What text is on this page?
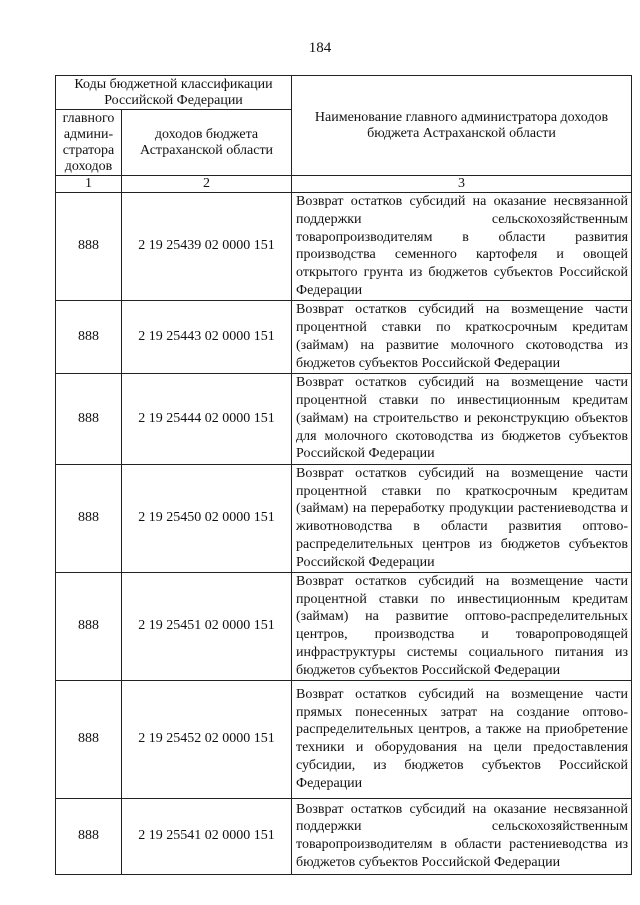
184
Коды бюджетной классификации Российской Федерации		Наименование главного администратора доходов бюджета Астраханской области
главного админи-стратора доходов	доходов бюджета Астраханской области	
1	2	3
888	2 19 25439 02 0000 151	Возврат остатков субсидий на оказание несвязанной поддержки сельскохозяйственным товаропроизводителям в области развития производства семенного картофеля и овощей открытого грунта из бюджетов субъектов Российской Федерации
888	2 19 25443 02 0000 151	Возврат остатков субсидий на возмещение части процентной ставки по краткосрочным кредитам (займам) на развитие молочного скотоводства из бюджетов субъектов Российской Федерации
888	2 19 25444 02 0000 151	Возврат остатков субсидий на возмещение части процентной ставки по инвестиционным кредитам (займам) на строительство и реконструкцию объектов для молочного скотоводства из бюджетов субъектов Российской Федерации
888	2 19 25450 02 0000 151	Возврат остатков субсидий на возмещение части процентной ставки по краткосрочным кредитам (займам) на переработку продукции растениеводства и животноводства в области развития оптово-распределительных центров из бюджетов субъектов Российской Федерации
888	2 19 25451 02 0000 151	Возврат остатков субсидий на возмещение части процентной ставки по инвестиционным кредитам (займам) на развитие оптово-распределительных центров, производства и товаропроводящей инфраструктуры системы социального питания из бюджетов субъектов Российской Федерации
888	2 19 25452 02 0000 151	Возврат остатков субсидий на возмещение части прямых понесенных затрат на создание оптово-распределительных центров, а также на приобретение техники и оборудования на цели предоставления субсидии, из бюджетов субъектов Российской Федерации
888	2 19 25541 02 0000 151	Возврат остатков субсидий на оказание несвязанной поддержки сельскохозяйственным товаропроизводителям в области растениеводства из бюджетов субъектов Российской Федерации
